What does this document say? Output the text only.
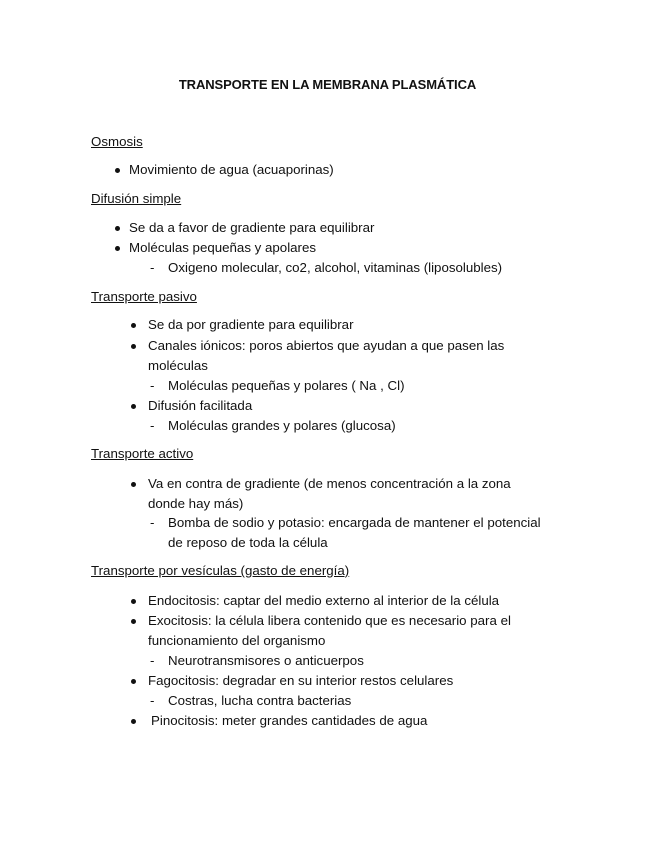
TRANSPORTE EN LA MEMBRANA PLASMÁTICA
Osmosis
Movimiento de agua (acuaporinas)
Difusión simple
Se da a favor de gradiente para equilibrar
Moléculas pequeñas y apolares
- Oxigeno molecular, co2, alcohol, vitaminas (liposolubles)
Transporte pasivo
Se da por gradiente para equilibrar
Canales iónicos: poros abiertos que ayudan a que pasen las
moléculas
- Moléculas pequeñas y polares ( Na , Cl)
Difusión facilitada
- Moléculas grandes y polares (glucosa)
Transporte activo
Va en contra de gradiente (de menos concentración a la zona
donde hay más)
- Bomba de sodio y potasio: encargada de mantener el potencial
de reposo de toda la célula
Transporte por vesículas (gasto de energía)
Endocitosis: captar del medio externo al interior de la célula
Exocitosis: la célula libera contenido que es necesario para el
funcionamiento del organismo
- Neurotransmisores o anticuerpos
Fagocitosis: degradar en su interior restos celulares
- Costras, lucha contra bacterias
Pinocitosis: meter grandes cantidades de agua
